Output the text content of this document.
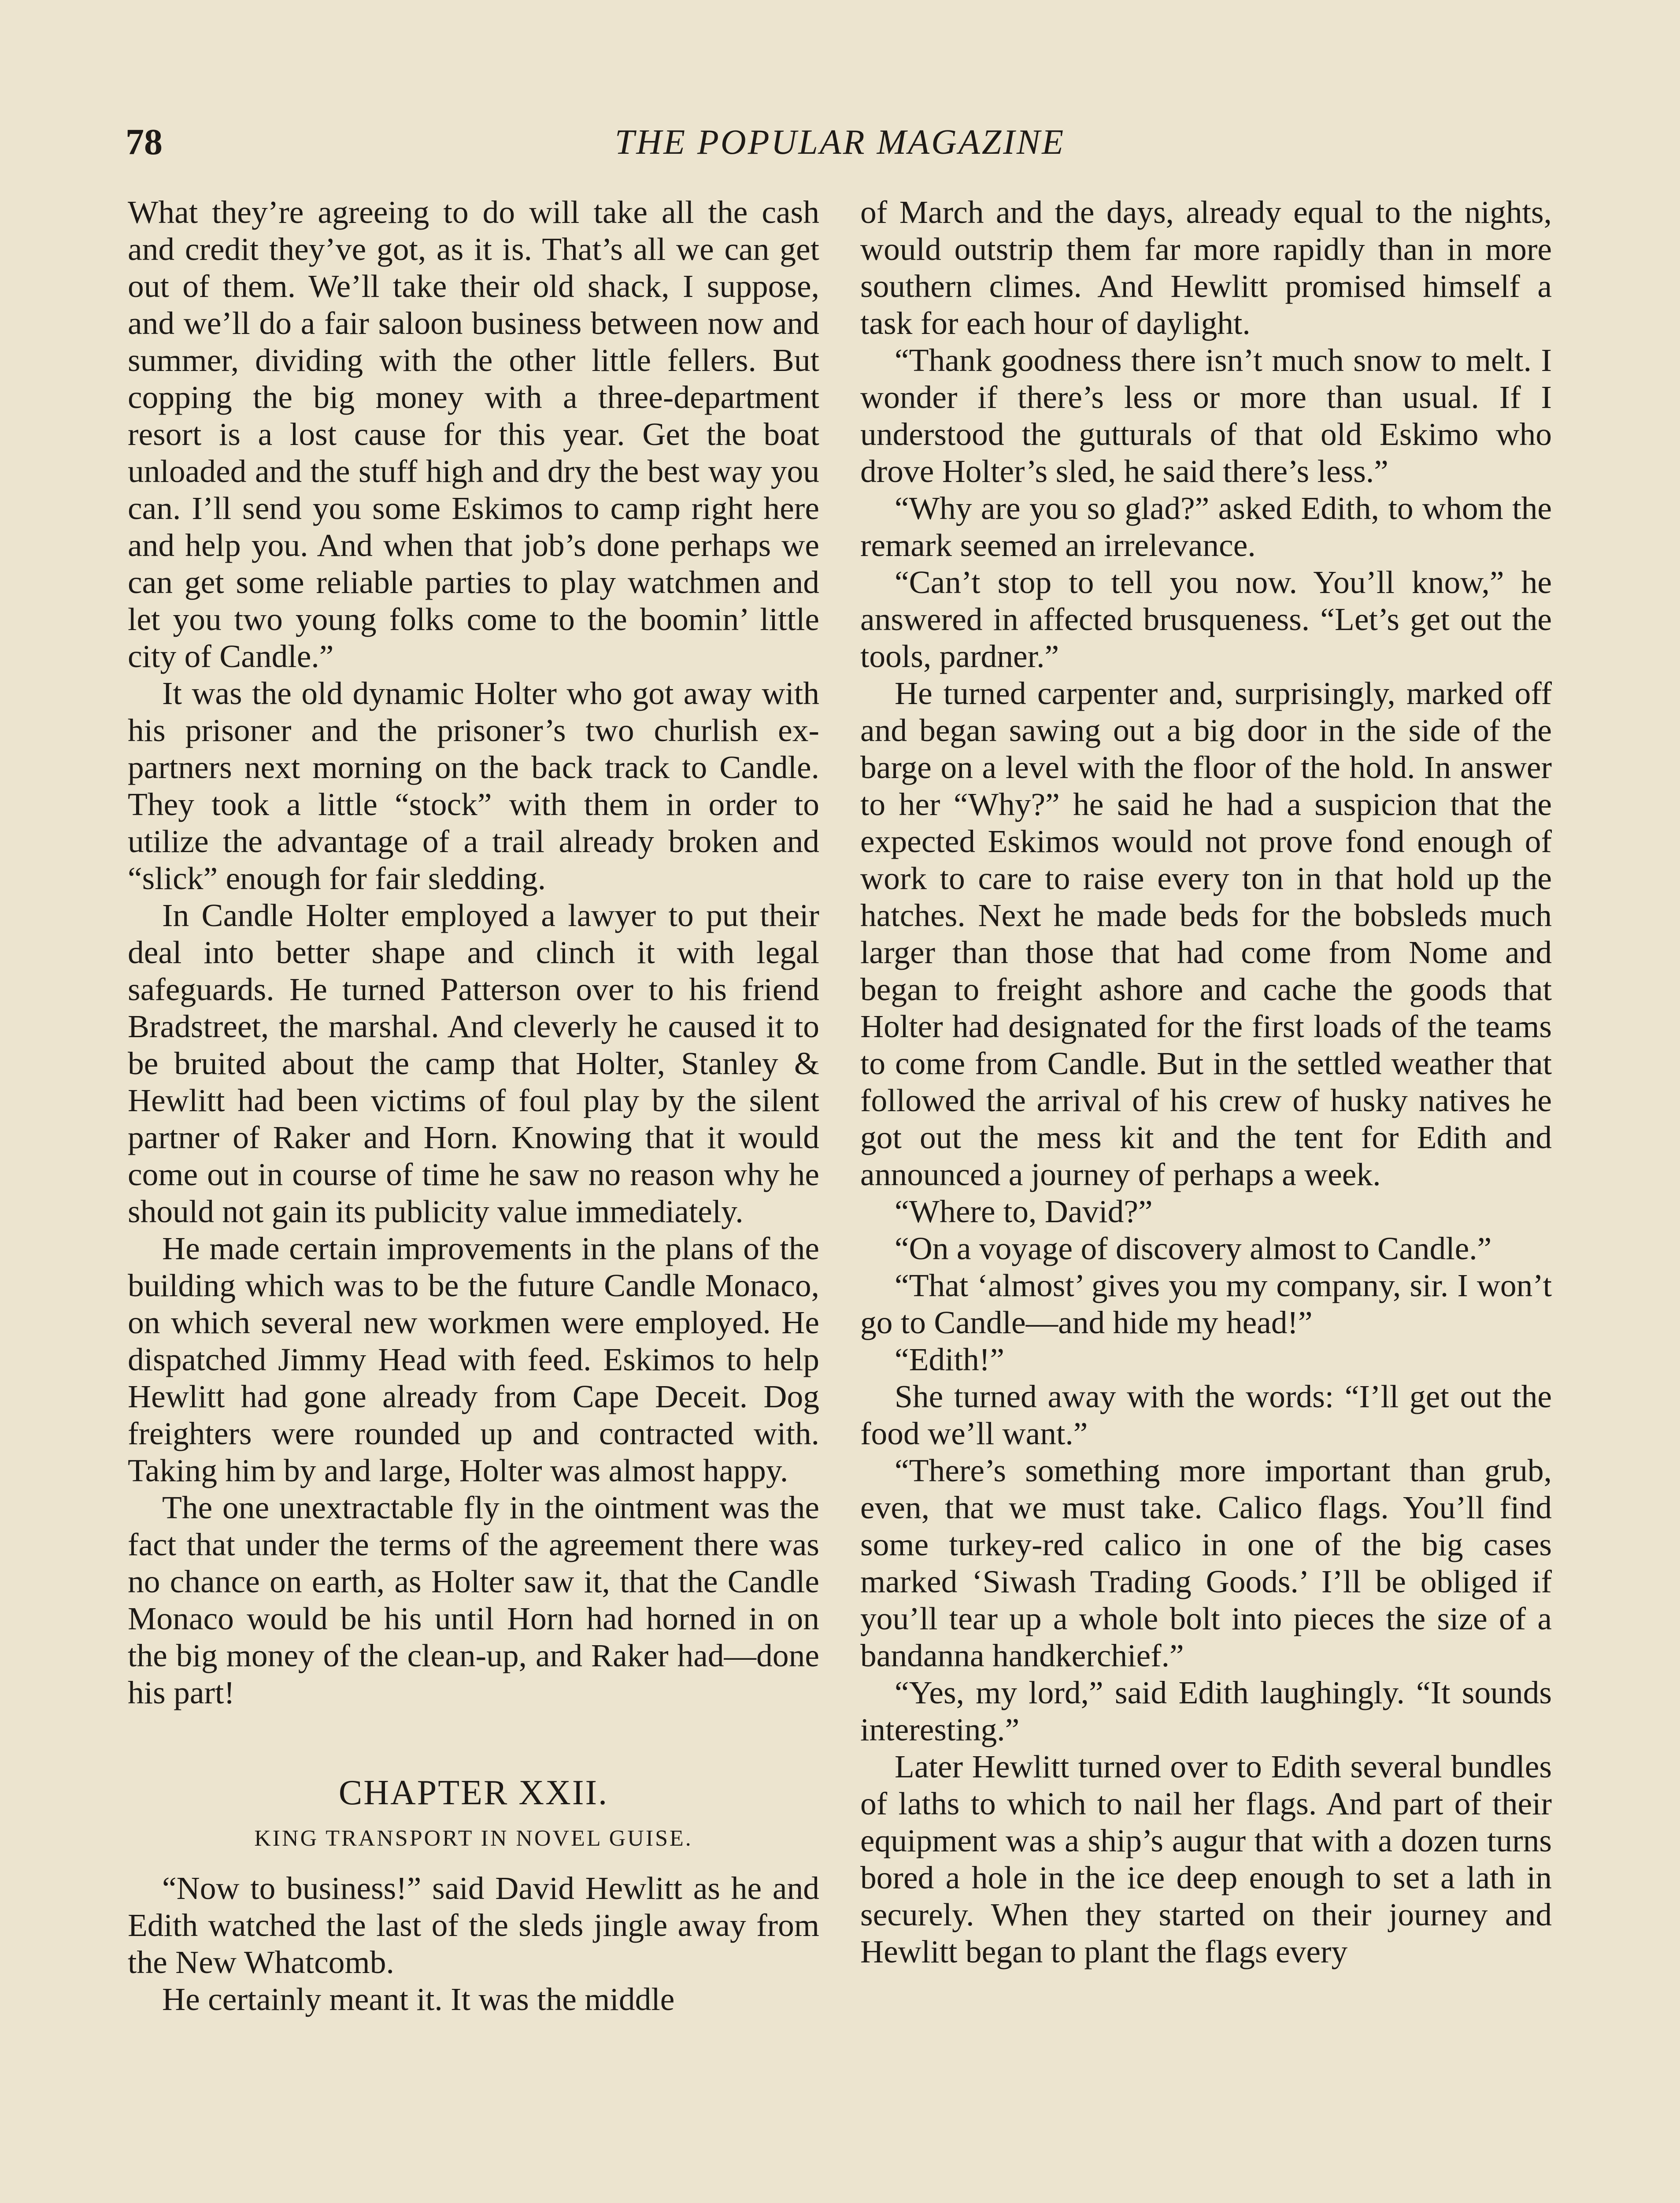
78	THE POPULAR MAGAZINE

What they’re agreeing to do will take all the cash and credit they’ve got, as it is. That’s all we can get out of them. We’ll take their old shack, I suppose, and we’ll do a fair saloon business between now and summer, dividing with the other little fellers. But copping the big money with a three-department resort is a lost cause for this year. Get the boat unloaded and the stuff high and dry the best way you can. I’ll send you some Eskimos to camp right here and help you. And when that job’s done perhaps we can get some reliable parties to play watchmen and let you two young folks come to the boomin’ little city of Candle.”

It was the old dynamic Holter who got away with his prisoner and the prisoner’s two churlish ex-partners next morning on the back track to Candle. They took a little “stock” with them in order to utilize the advantage of a trail already broken and “slick” enough for fair sledding.

In Candle Holter employed a lawyer to put their deal into better shape and clinch it with legal safeguards. He turned Patterson over to his friend Bradstreet, the marshal. And cleverly he caused it to be bruited about the camp that Holter, Stanley & Hewlitt had been victims of foul play by the silent partner of Raker and Horn. Knowing that it would come out in course of time he saw no reason why he should not gain its publicity value immediately.

He made certain improvements in the plans of the building which was to be the future Candle Monaco, on which several new workmen were employed. He dispatched Jimmy Head with feed. Eskimos to help Hewlitt had gone already from Cape Deceit. Dog freighters were rounded up and contracted with. Taking him by and large, Holter was almost happy.

The one unextractable fly in the ointment was the fact that under the terms of the agreement there was no chance on earth, as Holter saw it, that the Candle Monaco would be his until Horn had horned in on the big money of the clean-up, and Raker had—done his part!

CHAPTER XXII.
KING TRANSPORT IN NOVEL GUISE.

“Now to business!” said David Hewlitt as he and Edith watched the last of the sleds jingle away from the New Whatcomb.

He certainly meant it. It was the middle

of March and the days, already equal to the nights, would outstrip them far more rapidly than in more southern climes. And Hewlitt promised himself a task for each hour of daylight.

“Thank goodness there isn’t much snow to melt. I wonder if there’s less or more than usual. If I understood the gutturals of that old Eskimo who drove Holter’s sled, he said there’s less.”

“Why are you so glad?” asked Edith, to whom the remark seemed an irrelevance.

“Can’t stop to tell you now. You’ll know,” he answered in affected brusqueness. “Let’s get out the tools, pardner.”

He turned carpenter and, surprisingly, marked off and began sawing out a big door in the side of the barge on a level with the floor of the hold. In answer to her “Why?” he said he had a suspicion that the expected Eskimos would not prove fond enough of work to care to raise every ton in that hold up the hatches. Next he made beds for the bobsleds much larger than those that had come from Nome and began to freight ashore and cache the goods that Holter had designated for the first loads of the teams to come from Candle. But in the settled weather that followed the arrival of his crew of husky natives he got out the mess kit and the tent for Edith and announced a journey of perhaps a week.

“Where to, David?”

“On a voyage of discovery almost to Candle.”

“That ‘almost’ gives you my company, sir. I won’t go to Candle—and hide my head!”

“Edith!”

She turned away with the words: “I’ll get out the food we’ll want.”

“There’s something more important than grub, even, that we must take. Calico flags. You’ll find some turkey-red calico in one of the big cases marked ‘Siwash Trading Goods.’ I’ll be obliged if you’ll tear up a whole bolt into pieces the size of a bandanna handkerchief.”

“Yes, my lord,” said Edith laughingly. “It sounds interesting.”

Later Hewlitt turned over to Edith several bundles of laths to which to nail her flags. And part of their equipment was a ship’s augur that with a dozen turns bored a hole in the ice deep enough to set a lath in securely. When they started on their journey and Hewlitt began to plant the flags every
